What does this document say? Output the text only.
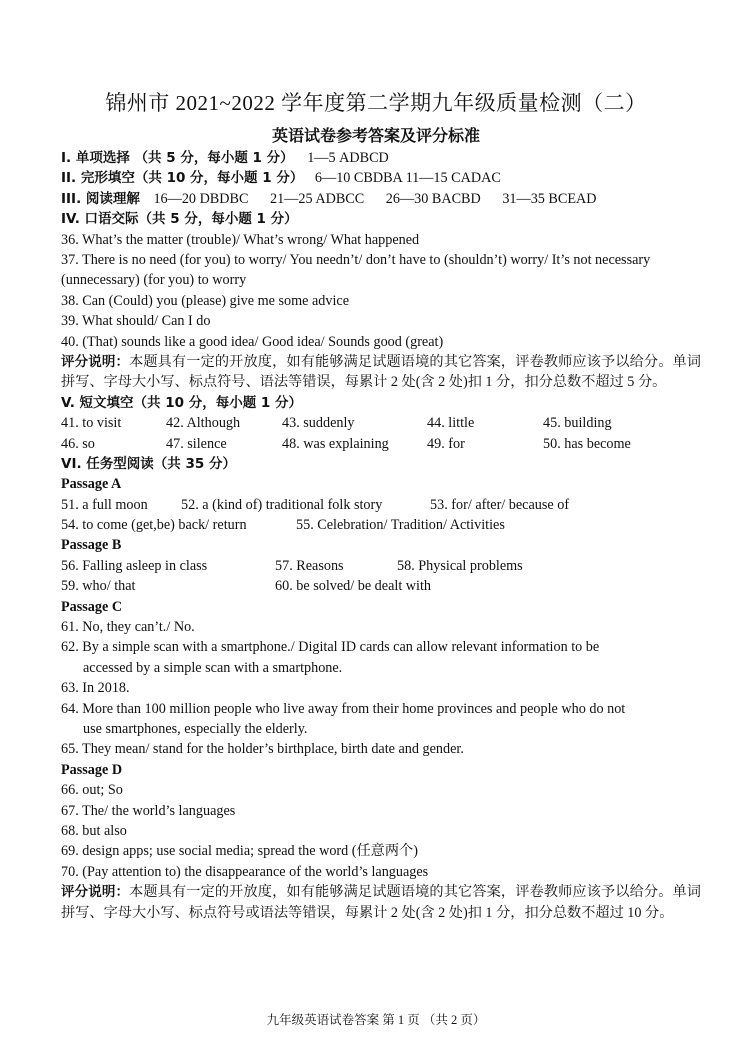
锦州市 2021~2022 学年度第二学期九年级质量检测（二）
英语试卷参考答案及评分标准
I. 单项选择 （共 5 分，每小题 1 分） 1—5 ADBCD
II. 完形填空（共 10 分，每小题 1 分） 6—10 CBDBA 11—15 CADAC
III. 阅读理解 16—20 DBDBC 21—25 ADBCC 26—30 BACBD 31—35 BCEAD
IV. 口语交际（共 5 分，每小题 1 分）
36. What’s the matter (trouble)/ What’s wrong/ What happened
37. There is no need (for you) to worry/ You needn’t/ don’t have to (shouldn’t) worry/ It’s not necessary (unnecessary) (for you) to worry
38. Can (Could) you (please) give me some advice
39. What should/ Can I do
40. (That) sounds like a good idea/ Good idea/ Sounds good (great)
评分说明：本题具有一定的开放度，如有能够满足试题语境的其它答案，评卷教师应该予以给分。单词拼写、字母大小写、标点符号、语法等错误，每累计 2 处(含 2 处)扣 1 分，扣分总数不超过 5 分。
V. 短文填空（共 10 分，每小题 1 分）
41. to visit	42. Although	43. suddenly	44. little	45. building
46. so	47. silence	48. was explaining	49. for	50. has become
VI. 任务型阅读（共 35 分）
Passage A
51. a full moon	52. a (kind of) traditional folk story	53. for/ after/ because of
54. to come (get,be) back/ return	55. Celebration/ Tradition/ Activities
Passage B
56. Falling asleep in class	57. Reasons	58. Physical problems
59. who/ that	60. be solved/ be dealt with
Passage C
61. No, they can’t./ No.
62. By a simple scan with a smartphone./ Digital ID cards can allow relevant information to be
accessed by a simple scan with a smartphone.
63. In 2018.
64. More than 100 million people who live away from their home provinces and people who do not
use smartphones, especially the elderly.
65. They mean/ stand for the holder’s birthplace, birth date and gender.
Passage D
66. out; So
67. The/ the world’s languages
68. but also
69. design apps; use social media; spread the word (任意两个)
70. (Pay attention to) the disappearance of the world’s languages
评分说明：本题具有一定的开放度，如有能够满足试题语境的其它答案，评卷教师应该予以给分。单词拼写、字母大小写、标点符号或语法等错误，每累计 2 处(含 2 处)扣 1 分，扣分总数不超过 10 分。
九年级英语试卷答案 第 1 页 （共 2 页）
